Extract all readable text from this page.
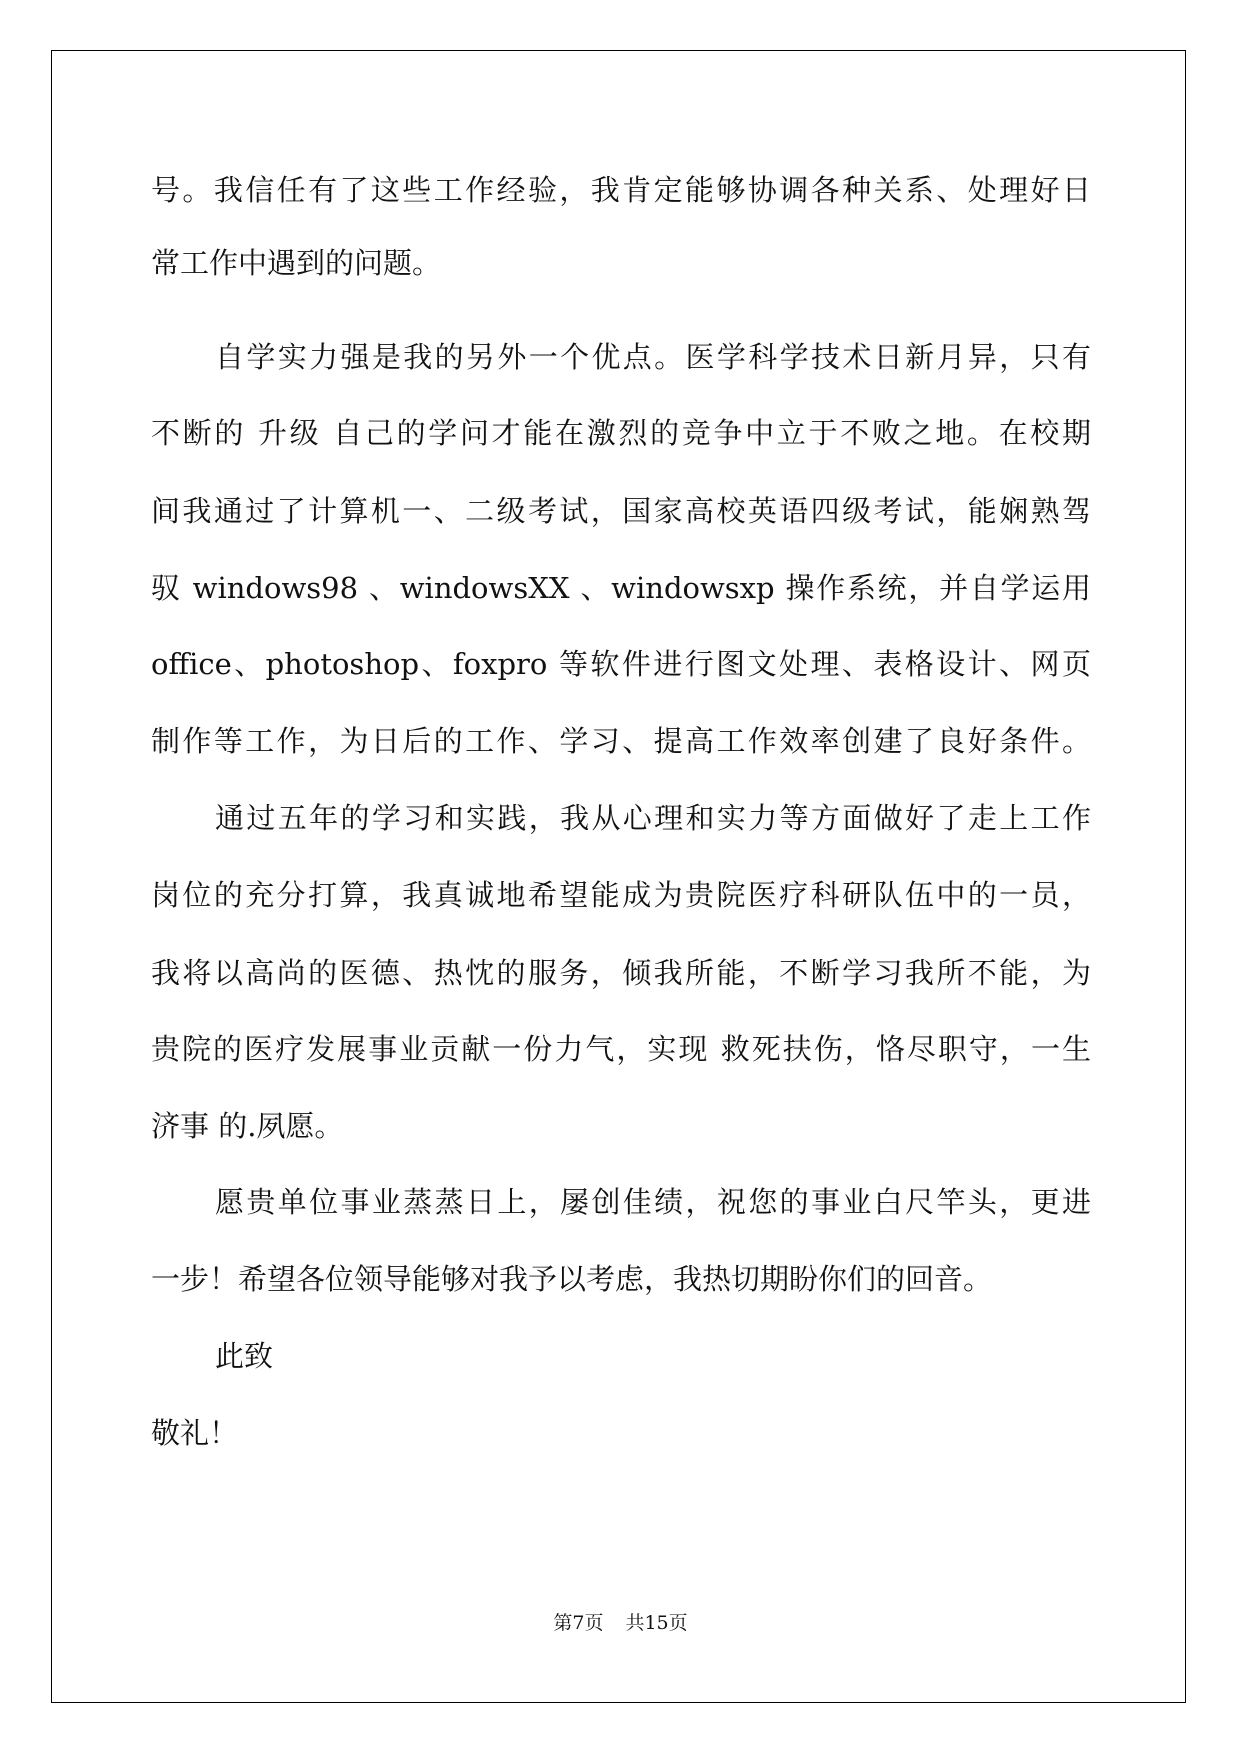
号。我信任有了这些工作经验，我肯定能够协调各种关系、处理好日
常工作中遇到的问题。
自学实力强是我的另外一个优点。医学科学技术日新月异，只有
不断的 升级 自己的学问才能在激烈的竞争中立于不败之地。在校期
间我通过了计算机一、二级考试，国家高校英语四级考试，能娴熟驾
驭 windows98 、windowsXX 、windowsxp 操作系统，并自学运用
office、photoshop、foxpro 等软件进行图文处理、表格设计、网页
制作等工作，为日后的工作、学习、提高工作效率创建了良好条件。
通过五年的学习和实践，我从心理和实力等方面做好了走上工作
岗位的充分打算，我真诚地希望能成为贵院医疗科研队伍中的一员，
我将以高尚的医德、热忱的服务，倾我所能，不断学习我所不能，为
贵院的医疗发展事业贡献一份力气，实现 救死扶伤，恪尽职守，一生
济事 的.夙愿。
愿贵单位事业蒸蒸日上，屡创佳绩，祝您的事业白尺竿头，更进
一步！希望各位领导能够对我予以考虑，我热切期盼你们的回音。
此致
敬礼！
第7页 共15页
